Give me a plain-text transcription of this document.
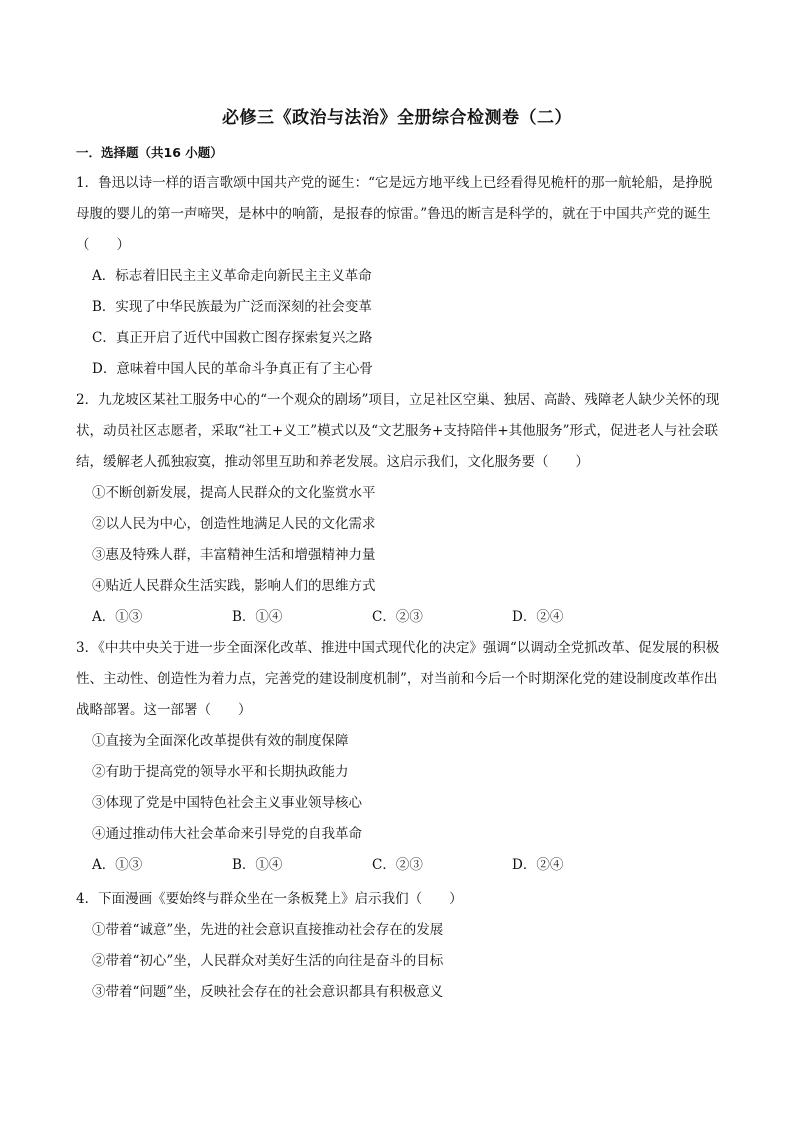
必修三《政治与法治》全册综合检测卷（二）
一．选择题（共16 小题）

1．鲁迅以诗一样的语言歌颂中国共产党的诞生：“它是远方地平线上已经看得见桅杆的那一航轮船，是挣脱母腹的婴儿的第一声啼哭，是林中的响箭，是报春的惊雷。”鲁迅的断言是科学的，就在于中国共产党的诞生（　　）

A．标志着旧民主主义革命走向新民主主义革命

B．实现了中华民族最为广泛而深刻的社会变革

C．真正开启了近代中国救亡图存探索复兴之路

D．意味着中国人民的革命斗争真正有了主心骨

2．九龙坡区某社工服务中心的“一个观众的剧场”项目，立足社区空巢、独居、高龄、残障老人缺少关怀的现状，动员社区志愿者，采取“社工+义工”模式以及“文艺服务+支持陪伴+其他服务”形式，促进老人与社会联结，缓解老人孤独寂寞，推动邻里互助和养老发展。这启示我们，文化服务要（　　）

①不断创新发展，提高人民群众的文化鉴赏水平

②以人民为中心，创造性地满足人民的文化需求

③惠及特殊人群，丰富精神生活和增强精神力量

④贴近人民群众生活实践，影响人们的思维方式

A．①③	B．①④	C．②③	D．②④

3．《中共中央关于进一步全面深化改革、推进中国式现代化的决定》强调“以调动全党抓改革、促发展的积极性、主动性、创造性为着力点，完善党的建设制度机制”，对当前和今后一个时期深化党的建设制度改革作出战略部署。这一部署（　　）

①直接为全面深化改革提供有效的制度保障

②有助于提高党的领导水平和长期执政能力

③体现了党是中国特色社会主义事业领导核心

④通过推动伟大社会革命来引导党的自我革命

A．①③	B．①④	C．②③	D．②④

4．下面漫画《要始终与群众坐在一条板凳上》启示我们（　　）

①带着“诚意”坐，先进的社会意识直接推动社会存在的发展

②带着“初心”坐，人民群众对美好生活的向往是奋斗的目标

③带着“问题”坐，反映社会存在的社会意识都具有积极意义
